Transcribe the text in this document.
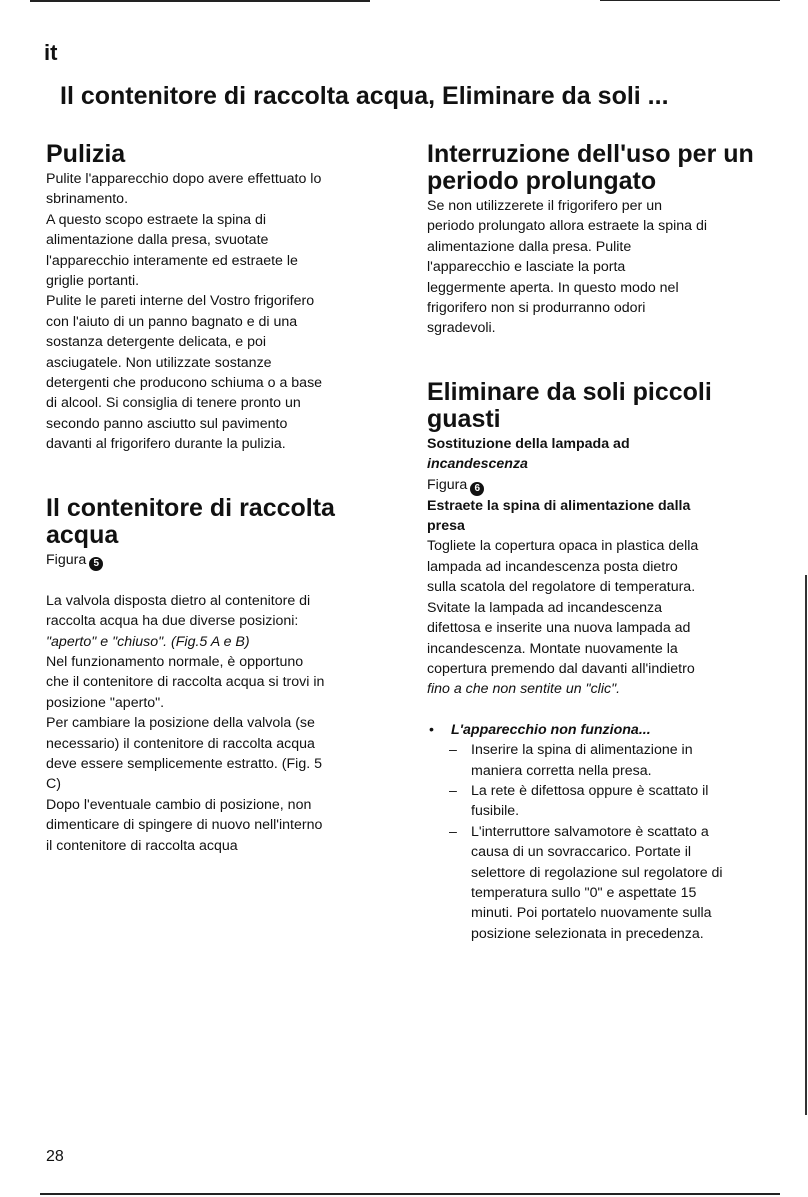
it
Il contenitore di raccolta acqua, Eliminare da soli ...
Pulizia
Pulite l'apparecchio dopo avere effettuato lo
sbrinamento.
A questo scopo estraete la spina di
alimentazione dalla presa, svuotate
l'apparecchio interamente ed estraete le
griglie portanti.
Pulite le pareti interne del Vostro frigorifero
con l'aiuto di un panno bagnato e di una
sostanza detergente delicata, e poi
asciugatele. Non utilizzate sostanze
detergenti che producono schiuma o a base
di alcool. Si consiglia di tenere pronto un
secondo panno asciutto sul pavimento
davanti al frigorifero durante la pulizia.
Il contenitore di raccolta
acqua
Figura 5
La valvola disposta dietro al contenitore di
raccolta acqua ha due diverse posizioni:
"aperto" e "chiuso". (Fig.5 A e B)
Nel funzionamento normale, è opportuno
che il contenitore di raccolta acqua si trovi in
posizione "aperto".
Per cambiare la posizione della valvola (se
necessario) il contenitore di raccolta acqua
deve essere semplicemente estratto. (Fig. 5
C)
Dopo l'eventuale cambio di posizione, non
dimenticare di spingere di nuovo nell'interno
il contenitore di raccolta acqua
Interruzione dell'uso per un
periodo prolungato
Se non utilizzerete il frigorifero per un
periodo prolungato allora estraete la spina di
alimentazione dalla presa. Pulite
l'apparecchio e lasciate la porta
leggermente aperta. In questo modo nel
frigorifero non si produrranno odori
sgradevoli.
Eliminare da soli piccoli
guasti
Sostituzione della lampada ad
incandescenza
Figura 6
Estraete la spina di alimentazione dalla
presa
Togliete la copertura opaca in plastica della
lampada ad incandescenza posta dietro
sulla scatola del regolatore di temperatura.
Svitate la lampada ad incandescenza
difettosa e inserite una nuova lampada ad
incandescenza. Montate nuovamente la
copertura premendo dal davanti all'indietro
fino a che non sentite un "clic".
•	L'apparecchio non funziona...
– Inserire la spina di alimentazione in
maniera corretta nella presa.
– La rete è difettosa oppure è scattato il
fusibile.
– L'interruttore salvamotore è scattato a
causa di un sovraccarico. Portate il
selettore di regolazione sul regolatore di
temperatura sullo "0" e aspettate 15
minuti. Poi portatelo nuovamente sulla
posizione selezionata in precedenza.
28
